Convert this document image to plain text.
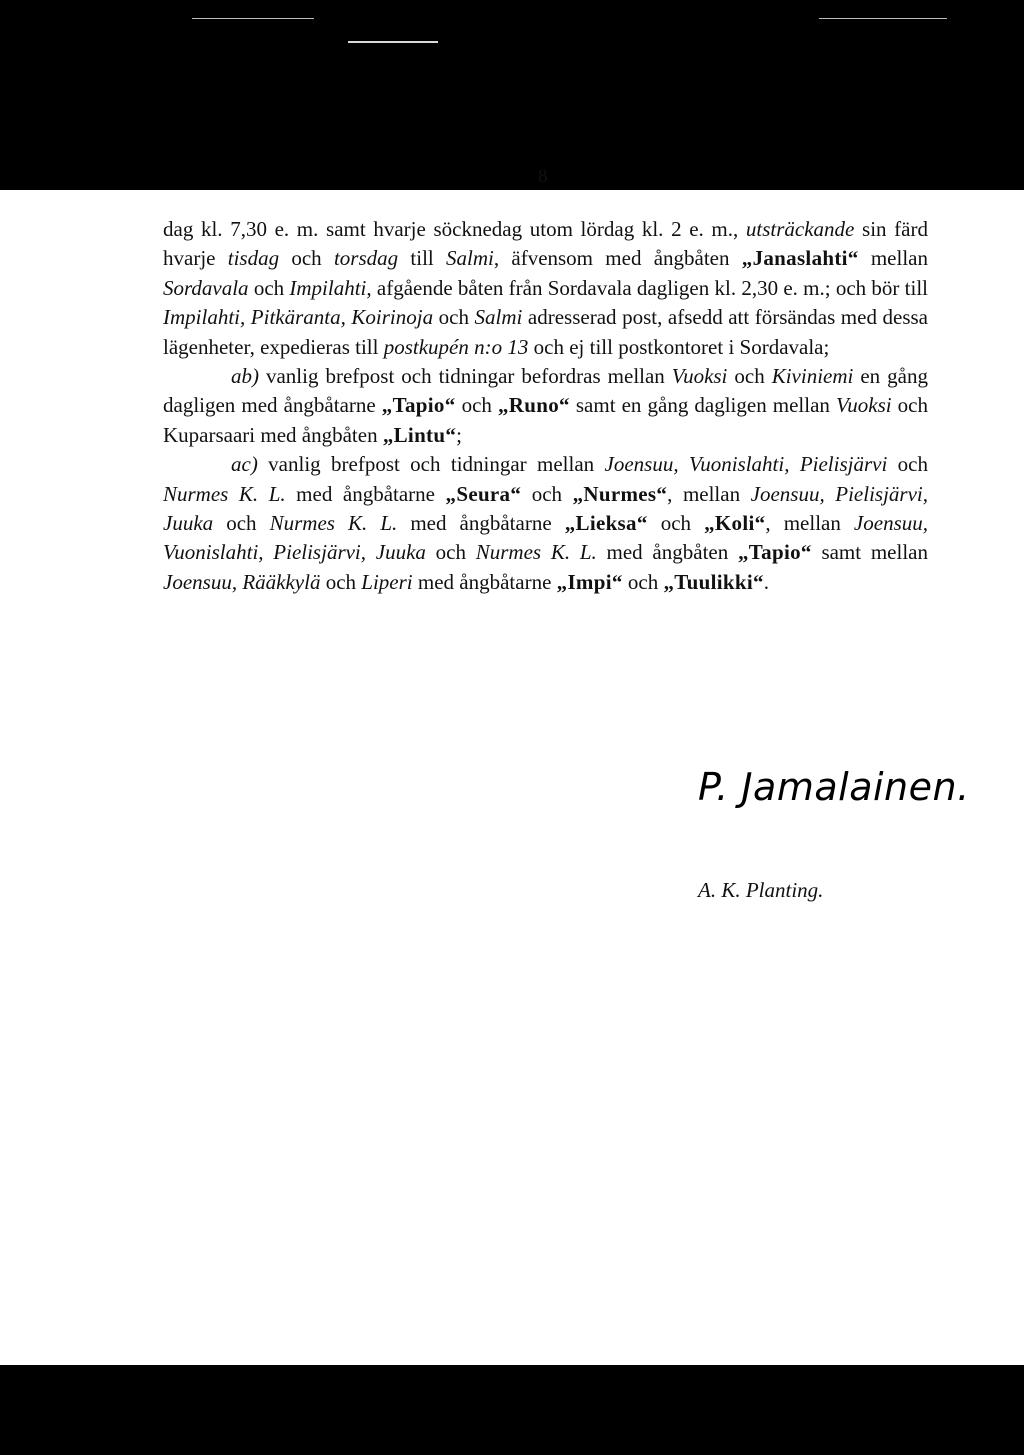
8

dag kl. 7,30 e. m. samt hvarje söcknedag utom lördag kl. 2 e. m., utsträckande sin färd hvarje tisdag och torsdag till Salmi, äfvensom med ångbåten „Janaslahti“ mellan Sordavala och Impilahti, afgående båten från Sordavala dagligen kl. 2,30 e. m.; och bör till Impilahti, Pitkäranta, Koirinoja och Salmi adresserad post, afsedd att försändas med dessa lägenheter, expedieras till postkupén n:o 13 och ej till postkontoret i Sordavala;

ab) vanlig brefpost och tidningar befordras mellan Vuoksi och Kiviniemi en gång dagligen med ångbåtarne „Tapio“ och „Runo“ samt en gång dagligen mellan Vuoksi och Kuparsaari med ångbåten „Lintu“;

ac) vanlig brefpost och tidningar mellan Joensuu, Vuonislahti, Pielisjärvi och Nurmes K. L. med ångbåtarne „Seura“ och „Nurmes“, mellan Joensuu, Pielisjärvi, Juuka och Nurmes K. L. med ångbåtarne „Lieksa“ och „Koli“, mellan Joensuu, Vuonislahti, Pielisjärvi, Juuka och Nurmes K. L. med ångbåten „Tapio“ samt mellan Joensuu, Rääkkylä och Liperi med ångbåtarne „Impi“ och „Tuulikki“.

P. Jamalainen.
A. K. Planting.
